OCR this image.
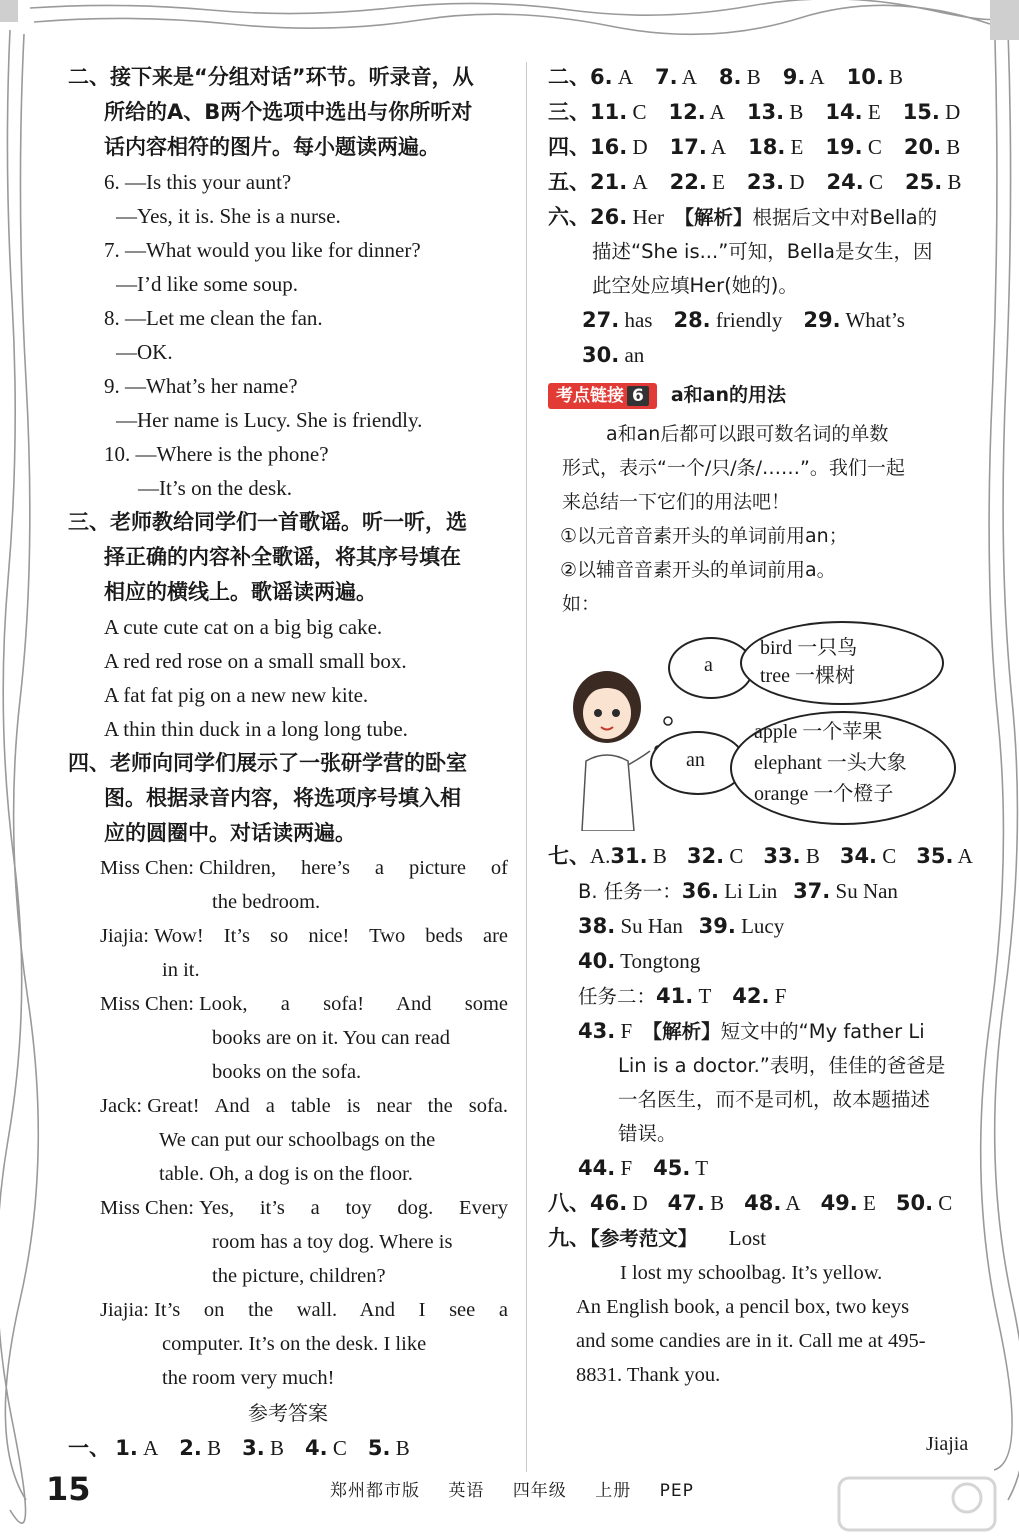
二、接下来是“分组对话”环节。听录音，从
所给的A、B两个选项中选出与你所听对
话内容相符的图片。每小题读两遍。
6. —Is this your aunt?
—Yes, it is. She is a nurse.
7. —What would you like for dinner?
—I’d like some soup.
8. —Let me clean the fan.
—OK.
9. —What’s her name?
—Her name is Lucy. She is friendly.
10. —Where is the phone?
—It’s on the desk.
三、老师教给同学们一首歌谣。听一听，选
择正确的内容补全歌谣，将其序号填在
相应的横线上。歌谣读两遍。
A cute cute cat on a big big cake.
A red red rose on a small small box.
A fat fat pig on a new new kite.
A thin thin duck in a long long tube.
四、老师向同学们展示了一张研学营的卧室
图。根据录音内容，将选项序号填入相
应的圆圈中。对话读两遍。
Miss Chen:
Children, here’s a picture of
the bedroom.
Jiajia:
Wow! It’s so nice! Two beds are
in it.
Miss Chen:
Look, a sofa! And some
books are on it. You can read
books on the sofa.
Jack:
Great! And a table is near the sofa.
We can put our schoolbags on the
table. Oh, a dog is on the floor.
Miss Chen:
Yes, it’s a toy dog. Every
room has a toy dog. Where is
the picture, children?
Jiajia:
It’s on the wall. And I see a
computer. It’s on the desk. I like
the room very much!
参考答案
一、 1. A 2. B 3. B 4. C 5. B
二、6. A 7. A 8. B 9. A 10. B
三、11. C 12. A 13. B 14. E 15. D
四、16. D 17. A 18. E 19. C 20. B
五、21. A 22. E 23. D 24. C 25. B
六、26. Her 【解析】根据后文中对Bella的
描述“She is...”可知，Bella是女生，因
此空处应填Her(她的)。
27. has 28. friendly 29. What’s
30. an
考点链接 6 a和an的用法
a和an后都可以跟可数名词的单数
形式，表示“一个/只/条/……”。我们一起
来总结一下它们的用法吧！
①以元音音素开头的单词前用an；
②以辅音音素开头的单词前用a。
如：
a
bird 一只鸟
tree 一棵树
an
apple 一个苹果
elephant 一头大象
orange 一个橙子
七、A.31. B 32. C 33. B 34. C 35. A
B. 任务一：36. Li Lin 37. Su Nan
38. Su Han 39. Lucy
40. Tongtong
任务二：41. T 42. F
43. F 【解析】短文中的“My father Li
Lin is a doctor.”表明，佳佳的爸爸是
一名医生，而不是司机，故本题描述
错误。
44. F 45. T
八、46. D 47. B 48. A 49. E 50. C
九、【参考范文】 Lost
I lost my schoolbag. It’s yellow.
An English book, a pencil box, two keys
and some candies are in it. Call me at 495-
8831. Thank you.
Jiajia
15	郑州都市版 英语 四年级 上册 PEP
